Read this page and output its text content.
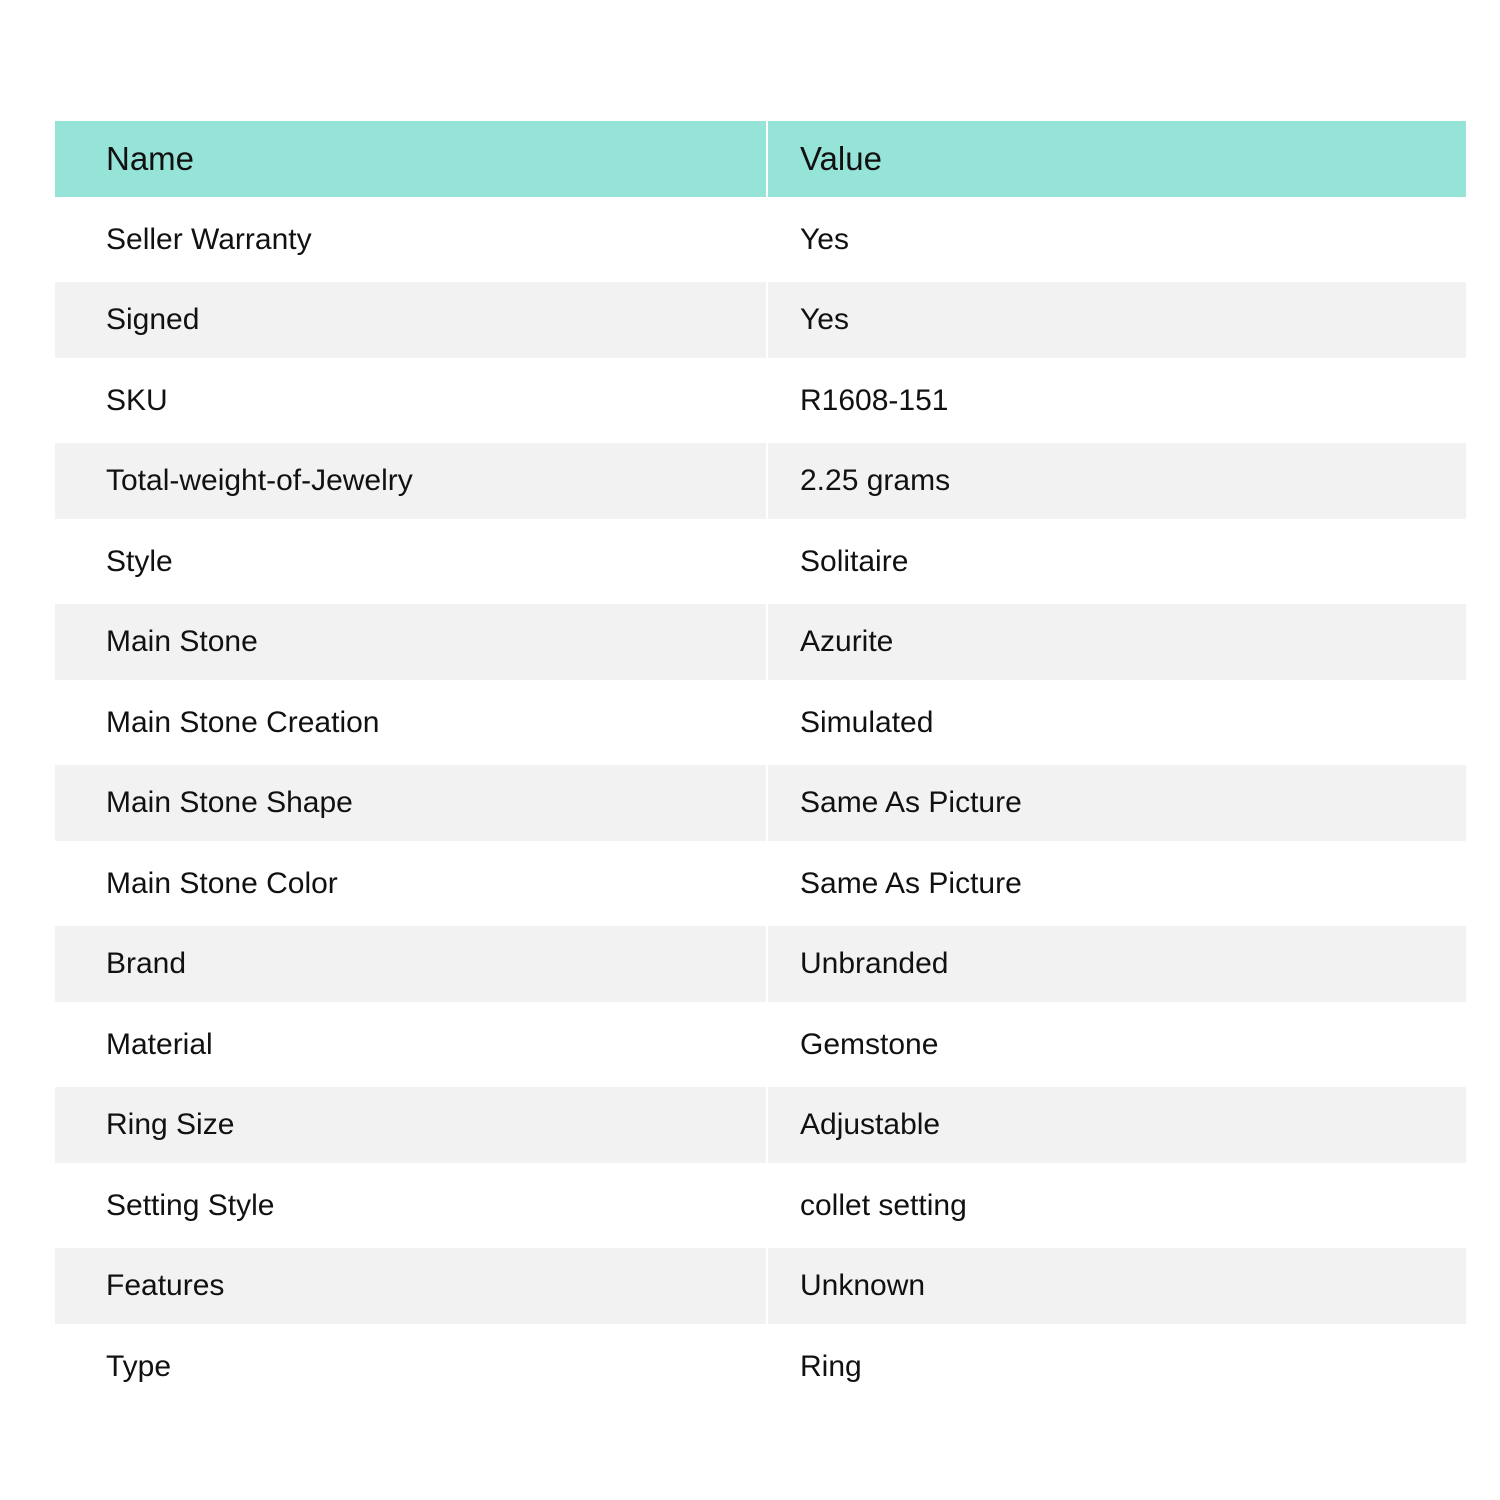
Name	Value
Seller Warranty	Yes
Signed	Yes
SKU	R1608-151
Total-weight-of-Jewelry	2.25 grams
Style	Solitaire
Main Stone	Azurite
Main Stone Creation	Simulated
Main Stone Shape	Same As Picture
Main Stone Color	Same As Picture
Brand	Unbranded
Material	Gemstone
Ring Size	Adjustable
Setting Style	collet setting
Features	Unknown
Type	Ring
